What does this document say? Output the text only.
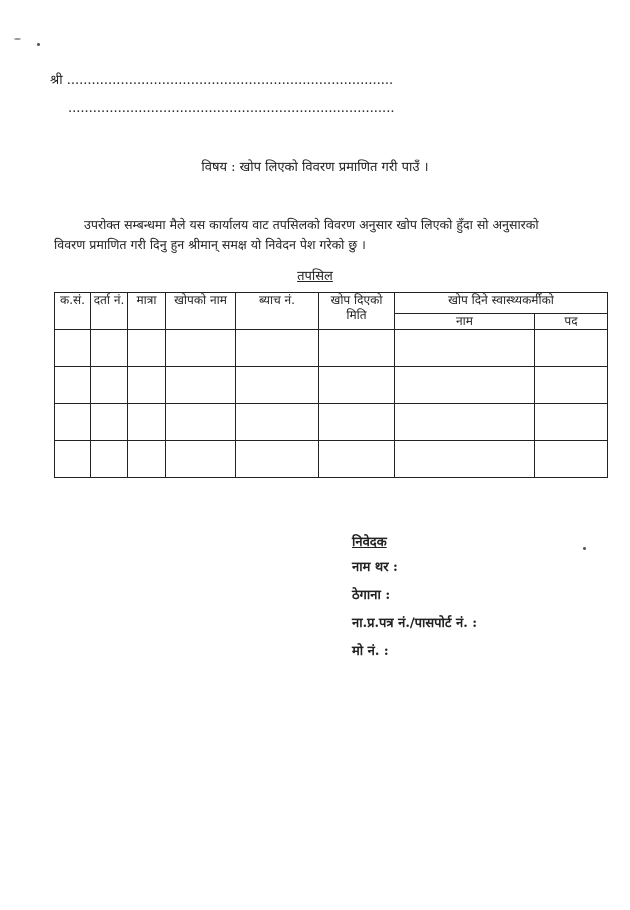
श्री ...............................................................................
...............................................................................
विषय : खोप लिएको विवरण प्रमाणित गरी पाउँ ।
उपरोक्त सम्बन्धमा मैले यस कार्यालय वाट तपसिलको विवरण अनुसार खोप लिएको हुँदा सो अनुसारको
विवरण प्रमाणित गरी दिनु हुन श्रीमान् समक्ष यो निवेदन पेश गरेको छु ।
तपसिल
क.सं.	दर्ता नं.	मात्रा	खोपको नाम	ब्याच नं.	खोप दिएको मिति	खोप दिने स्वास्थ्यकर्मीको	
						नाम	पद

निवेदक
नाम थर :
ठेगाना :
ना.प्र.पत्र नं./पासपोर्ट नं. :
मो नं. :
